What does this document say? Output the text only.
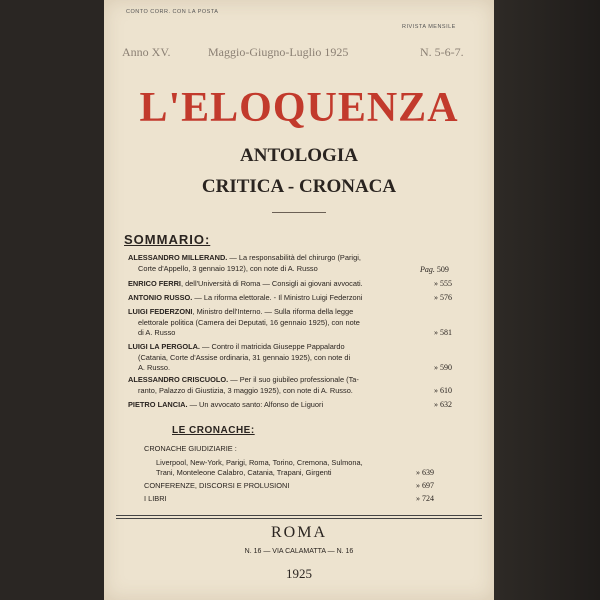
CONTO CORR. CON LA POSTA
RIVISTA MENSILE
Anno XV.	Maggio-Giugno-Luglio 1925	N. 5-6-7.
L'ELOQUENZA
ANTOLOGIA
CRITICA - CRONACA
SOMMARIO:
ALESSANDRO MILLERAND. — La responsabilità del chirurgo (Parigi,
Corte d'Appello, 3 gennaio 1912), con note di A. Russo	Pag. 509
ENRICO FERRI, dell'Università di Roma — Consigli ai giovani avvocati.	» 555
ANTONIO RUSSO. — La riforma elettorale. - Il Ministro Luigi Federzoni	» 576
LUIGI FEDERZONI, Ministro dell'Interno. — Sulla riforma della legge
elettorale politica (Camera dei Deputati, 16 gennaio 1925), con note
di A. Russo	» 581
LUIGI LA PERGOLA. — Contro il matricida Giuseppe Pappalardo
(Catania, Corte d'Assise ordinaria, 31 gennaio 1925), con note di
A. Russo.	» 590
ALESSANDRO CRISCUOLO. — Per il suo giubileo professionale (Ta-
ranto, Palazzo di Giustizia, 3 maggio 1925), con note di A. Russo.	» 610
PIETRO LANCIA. — Un avvocato santo: Alfonso de Liguori	» 632
LE CRONACHE:
CRONACHE GIUDIZIARIE :
Liverpool, New-York, Parigi, Roma, Torino, Cremona, Sulmona,
Trani, Monteleone Calabro, Catania, Trapani, Girgenti	» 639
CONFERENZE, DISCORSI E PROLUSIONI	» 697
I LIBRI	» 724
ROMA
N. 16 — VIA CALAMATTA — N. 16
1925
